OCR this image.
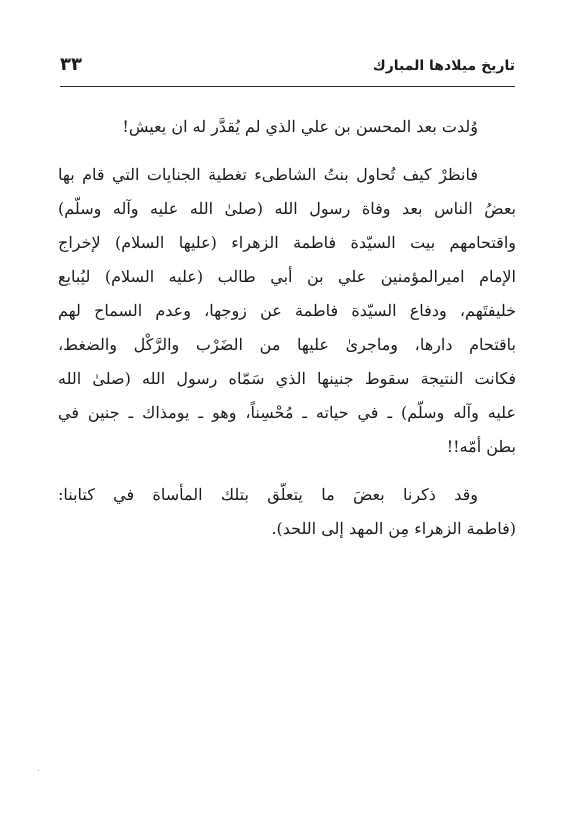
تاريخ ميلادها المبارك
٣٣
وُلدت بعد المحسن بن علي الذي لم يُقدَّر له ان يعيش!
فانظرْ كيف تُحاول بنتُ الشاطىء تغطية الجنايات التي قام بها
بعضُ الناس بعد وفاة رسول الله (صلىٰ الله عليه وآله وسلّم)
واقتحامهم بيت السيّدة فاطمة الزهراء (عليها السلام) لإخراج
الإمام اميرالمؤمنين علي بن أبي طالب (عليه السلام) ليُبايع
خليفتَهم، ودفاع السيّدة فاطمة عن زوجها، وعدم السماح لهم
باقتحام دارها، وماجرىٰ عليها من الضَرْب والرَّكْل والضغط،
فكانت النتيجة سقوط جنينها الذي سَمّاه رسول الله (صلىٰ الله
عليه وآله وسلّم) ـ في حياته ـ مُحْسِناً، وهو ـ يومذاك ـ جنين في
بطن أمّه!!
وقد ذكرنا بعضَ ما يتعلّق بتلك المأساة في كتابنا:
(فاطمة الزهراء مِن المهد إلى اللحد).
